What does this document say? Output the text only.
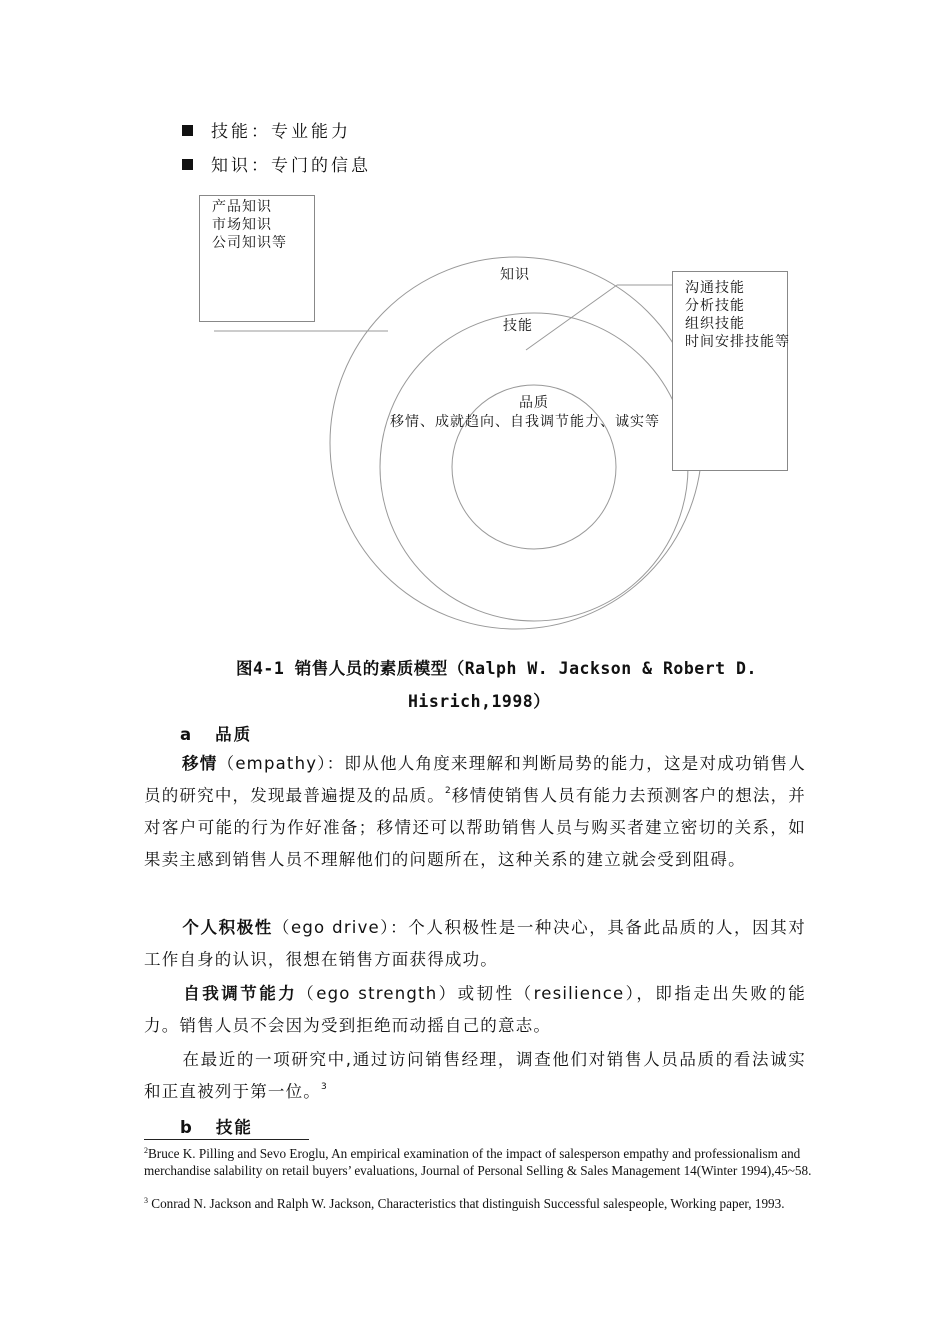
技能：专业能力
知识：专门的信息
产品知识
市场知识
公司知识等
沟通技能
分析技能
组织技能
时间安排技能等
知识
技能
品质
移情、成就趋向、自我调节能力、诚实等
图4-1 销售人员的素质模型（Ralph W. Jackson & Robert D.
Hisrich,1998）
a 品质
移情（empathy）：即从他人角度来理解和判断局势的能力，这是对成功销售人员的研究中，发现最普遍提及的品质。$^2$移情使销售人员有能力去预测客户的想法，并对客户可能的行为作好准备；移情还可以帮助销售人员与购买者建立密切的关系，如果卖主感到销售人员不理解他们的问题所在，这种关系的建立就会受到阻碍。
个人积极性（ego drive）：个人积极性是一种决心，具备此品质的人，因其对工作自身的认识，很想在销售方面获得成功。
自我调节能力（ego strength）或韧性（resilience），即指走出失败的能力。销售人员不会因为受到拒绝而动摇自己的意志。
在最近的一项研究中,通过访问销售经理，调查他们对销售人员品质的看法诚实和正直被列于第一位。$^3$
b 技能
$^2$Bruce K. Pilling and Sevo Eroglu, An empirical examination of the impact of salesperson empathy and professionalism and merchandise salability on retail buyers’ evaluations, Journal of Personal Selling & Sales Management 14(Winter 1994),45~58.
$^3$ Conrad N. Jackson and Ralph W. Jackson, Characteristics that distinguish Successful salespeople, Working paper, 1993.
